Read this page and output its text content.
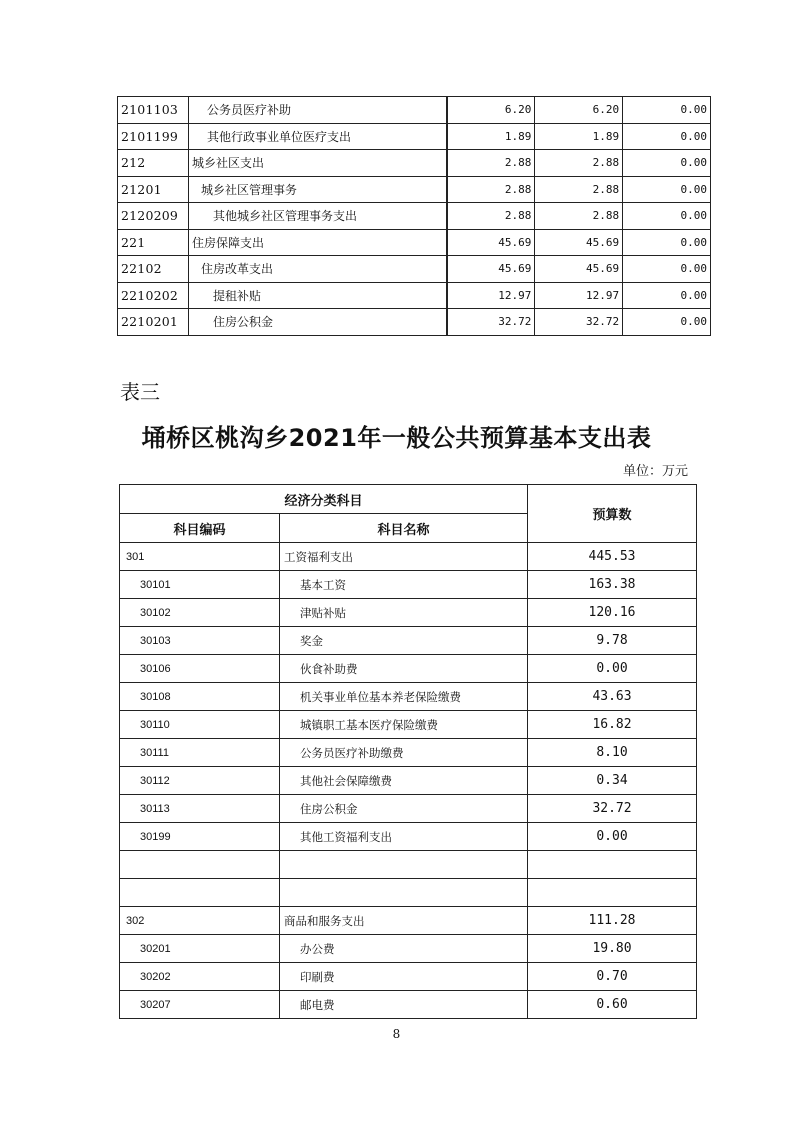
2101103	公务员医疗补助	6.20	6.20	0.00
2101199	其他行政事业单位医疗支出	1.89	1.89	0.00
212	城乡社区支出	2.88	2.88	0.00
21201	城乡社区管理事务	2.88	2.88	0.00
2120209	其他城乡社区管理事务支出	2.88	2.88	0.00
221	住房保障支出	45.69	45.69	0.00
22102	住房改革支出	45.69	45.69	0.00
2210202	提租补贴	12.97	12.97	0.00
2210201	住房公积金	32.72	32.72	0.00
表三
埇桥区桃沟乡2021年一般公共预算基本支出表
单位：万元
经济分类科目		预算数
科目编码	科目名称	
301	工资福利支出	445.53
30101	基本工资	163.38
30102	津贴补贴	120.16
30103	奖金	9.78
30106	伙食补助费	0.00
30108	机关事业单位基本养老保险缴费	43.63
30110	城镇职工基本医疗保险缴费	16.82
30111	公务员医疗补助缴费	8.10
30112	其他社会保障缴费	0.34
30113	住房公积金	32.72
30199	其他工资福利支出	0.00

302	商品和服务支出	111.28
30201	办公费	19.80
30202	印刷费	0.70
30207	邮电费	0.60
8
